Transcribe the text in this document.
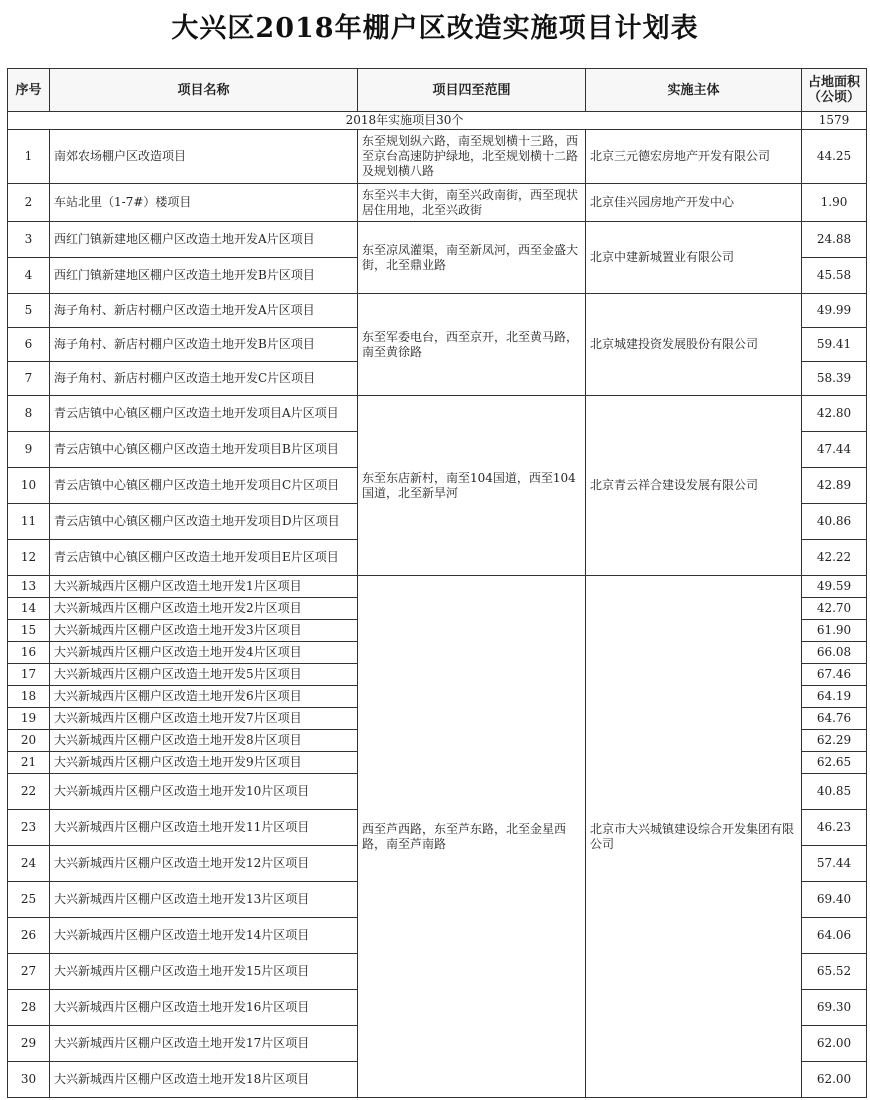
大兴区2018年棚户区改造实施项目计划表
序号	项目名称	项目四至范围	实施主体	占地面积
（公顷）
2018年实施项目30个				1579
1	南郊农场棚户区改造项目	东至规划纵六路，南至规划横十三路，西至京台高速防护绿地，北至规划横十二路及规划横八路	北京三元德宏房地产开发有限公司	44.25
2	车站北里（1-7#）楼项目	东至兴丰大街，南至兴政南街，西至现状居住用地，北至兴政街	北京佳兴园房地产开发中心	1.90
3	西红门镇新建地区棚户区改造土地开发A片区项目	东至凉凤灌渠，南至新凤河，西至金盛大街，北至鼎业路	北京中建新城置业有限公司	24.88
4	西红门镇新建地区棚户区改造土地开发B片区项目			45.58
5	海子角村、新店村棚户区改造土地开发A片区项目	东至军委电台，西至京开，北至黄马路，南至黄徐路	北京城建投资发展股份有限公司	49.99
6	海子角村、新店村棚户区改造土地开发B片区项目			59.41
7	海子角村、新店村棚户区改造土地开发C片区项目			58.39
8	青云店镇中心镇区棚户区改造土地开发项目A片区项目	东至东店新村，南至104国道，西至104国道，北至新旱河	北京青云祥合建设发展有限公司	42.80
9	青云店镇中心镇区棚户区改造土地开发项目B片区项目			47.44
10	青云店镇中心镇区棚户区改造土地开发项目C片区项目			42.89
11	青云店镇中心镇区棚户区改造土地开发项目D片区项目			40.86
12	青云店镇中心镇区棚户区改造土地开发项目E片区项目			42.22
13	大兴新城西片区棚户区改造土地开发1片区项目	西至芦西路，东至芦东路，北至金星西路，南至芦南路	北京市大兴城镇建设综合开发集团有限公司	49.59
14	大兴新城西片区棚户区改造土地开发2片区项目			42.70
15	大兴新城西片区棚户区改造土地开发3片区项目			61.90
16	大兴新城西片区棚户区改造土地开发4片区项目			66.08
17	大兴新城西片区棚户区改造土地开发5片区项目			67.46
18	大兴新城西片区棚户区改造土地开发6片区项目			64.19
19	大兴新城西片区棚户区改造土地开发7片区项目			64.76
20	大兴新城西片区棚户区改造土地开发8片区项目			62.29
21	大兴新城西片区棚户区改造土地开发9片区项目			62.65
22	大兴新城西片区棚户区改造土地开发10片区项目			40.85
23	大兴新城西片区棚户区改造土地开发11片区项目			46.23
24	大兴新城西片区棚户区改造土地开发12片区项目			57.44
25	大兴新城西片区棚户区改造土地开发13片区项目			69.40
26	大兴新城西片区棚户区改造土地开发14片区项目			64.06
27	大兴新城西片区棚户区改造土地开发15片区项目			65.52
28	大兴新城西片区棚户区改造土地开发16片区项目			69.30
29	大兴新城西片区棚户区改造土地开发17片区项目			62.00
30	大兴新城西片区棚户区改造土地开发18片区项目			62.00
